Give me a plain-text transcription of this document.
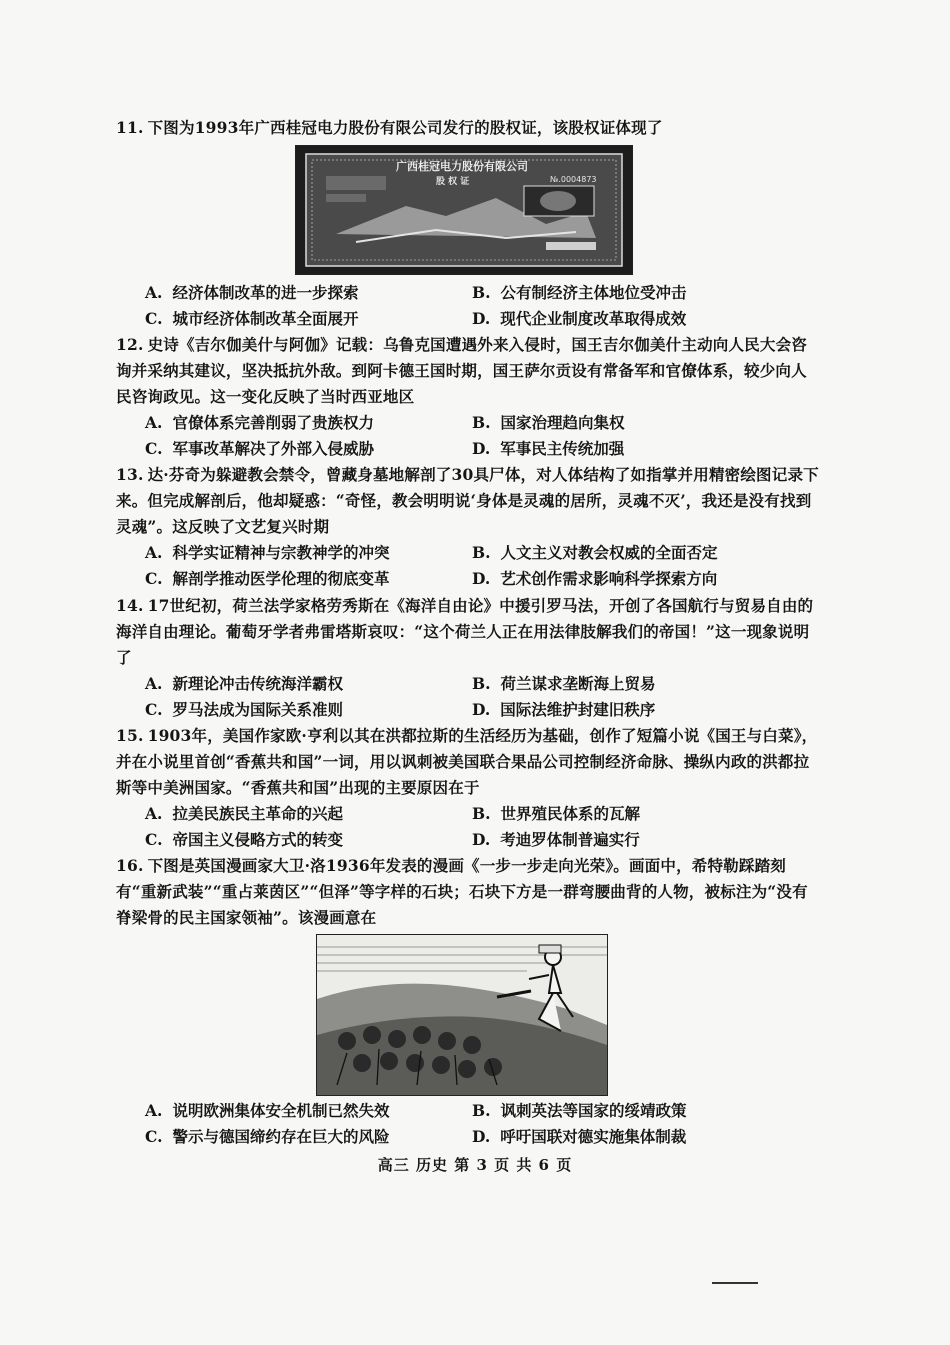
11. 下图为1993年广西桂冠电力股份有限公司发行的股权证，该股权证体现了
广西桂冠电力股份有限公司
股 权 证	№.0004873
A. 经济体制改革的进一步探索	B. 公有制经济主体地位受冲击
C. 城市经济体制改革全面展开	D. 现代企业制度改革取得成效
12. 史诗《吉尔伽美什与阿伽》记载：乌鲁克国遭遇外来入侵时，国王吉尔伽美什主动向人民大会咨询并采纳其建议，坚决抵抗外敌。到阿卡德王国时期，国王萨尔贡设有常备军和官僚体系，较少向人民咨询政见。这一变化反映了当时西亚地区
A. 官僚体系完善削弱了贵族权力	B. 国家治理趋向集权
C. 军事改革解决了外部入侵威胁	D. 军事民主传统加强
13. 达·芬奇为躲避教会禁令，曾藏身墓地解剖了30具尸体，对人体结构了如指掌并用精密绘图记录下来。但完成解剖后，他却疑惑：“奇怪，教会明明说‘身体是灵魂的居所，灵魂不灭’，我还是没有找到灵魂”。这反映了文艺复兴时期
A. 科学实证精神与宗教神学的冲突	B. 人文主义对教会权威的全面否定
C. 解剖学推动医学伦理的彻底变革	D. 艺术创作需求影响科学探索方向
14. 17世纪初，荷兰法学家格劳秀斯在《海洋自由论》中援引罗马法，开创了各国航行与贸易自由的海洋自由理论。葡萄牙学者弗雷塔斯哀叹：“这个荷兰人正在用法律肢解我们的帝国！”这一现象说明了
A. 新理论冲击传统海洋霸权	B. 荷兰谋求垄断海上贸易
C. 罗马法成为国际关系准则	D. 国际法维护封建旧秩序
15. 1903年，美国作家欧·亨利以其在洪都拉斯的生活经历为基础，创作了短篇小说《国王与白菜》，并在小说里首创“香蕉共和国”一词，用以讽刺被美国联合果品公司控制经济命脉、操纵内政的洪都拉斯等中美洲国家。“香蕉共和国”出现的主要原因在于
A. 拉美民族民主革命的兴起	B. 世界殖民体系的瓦解
C. 帝国主义侵略方式的转变	D. 考迪罗体制普遍实行
16. 下图是英国漫画家大卫·洛1936年发表的漫画《一步一步走向光荣》。画面中，希特勒踩踏刻有“重新武装”“重占莱茵区”“但泽”等字样的石块；石块下方是一群弯腰曲背的人物，被标注为“没有脊梁骨的民主国家领袖”。该漫画意在
A. 说明欧洲集体安全机制已然失效	B. 讽刺英法等国家的绥靖政策
C. 警示与德国缔约存在巨大的风险	D. 呼吁国联对德实施集体制裁
高三 历史 第 3 页 共 6 页
